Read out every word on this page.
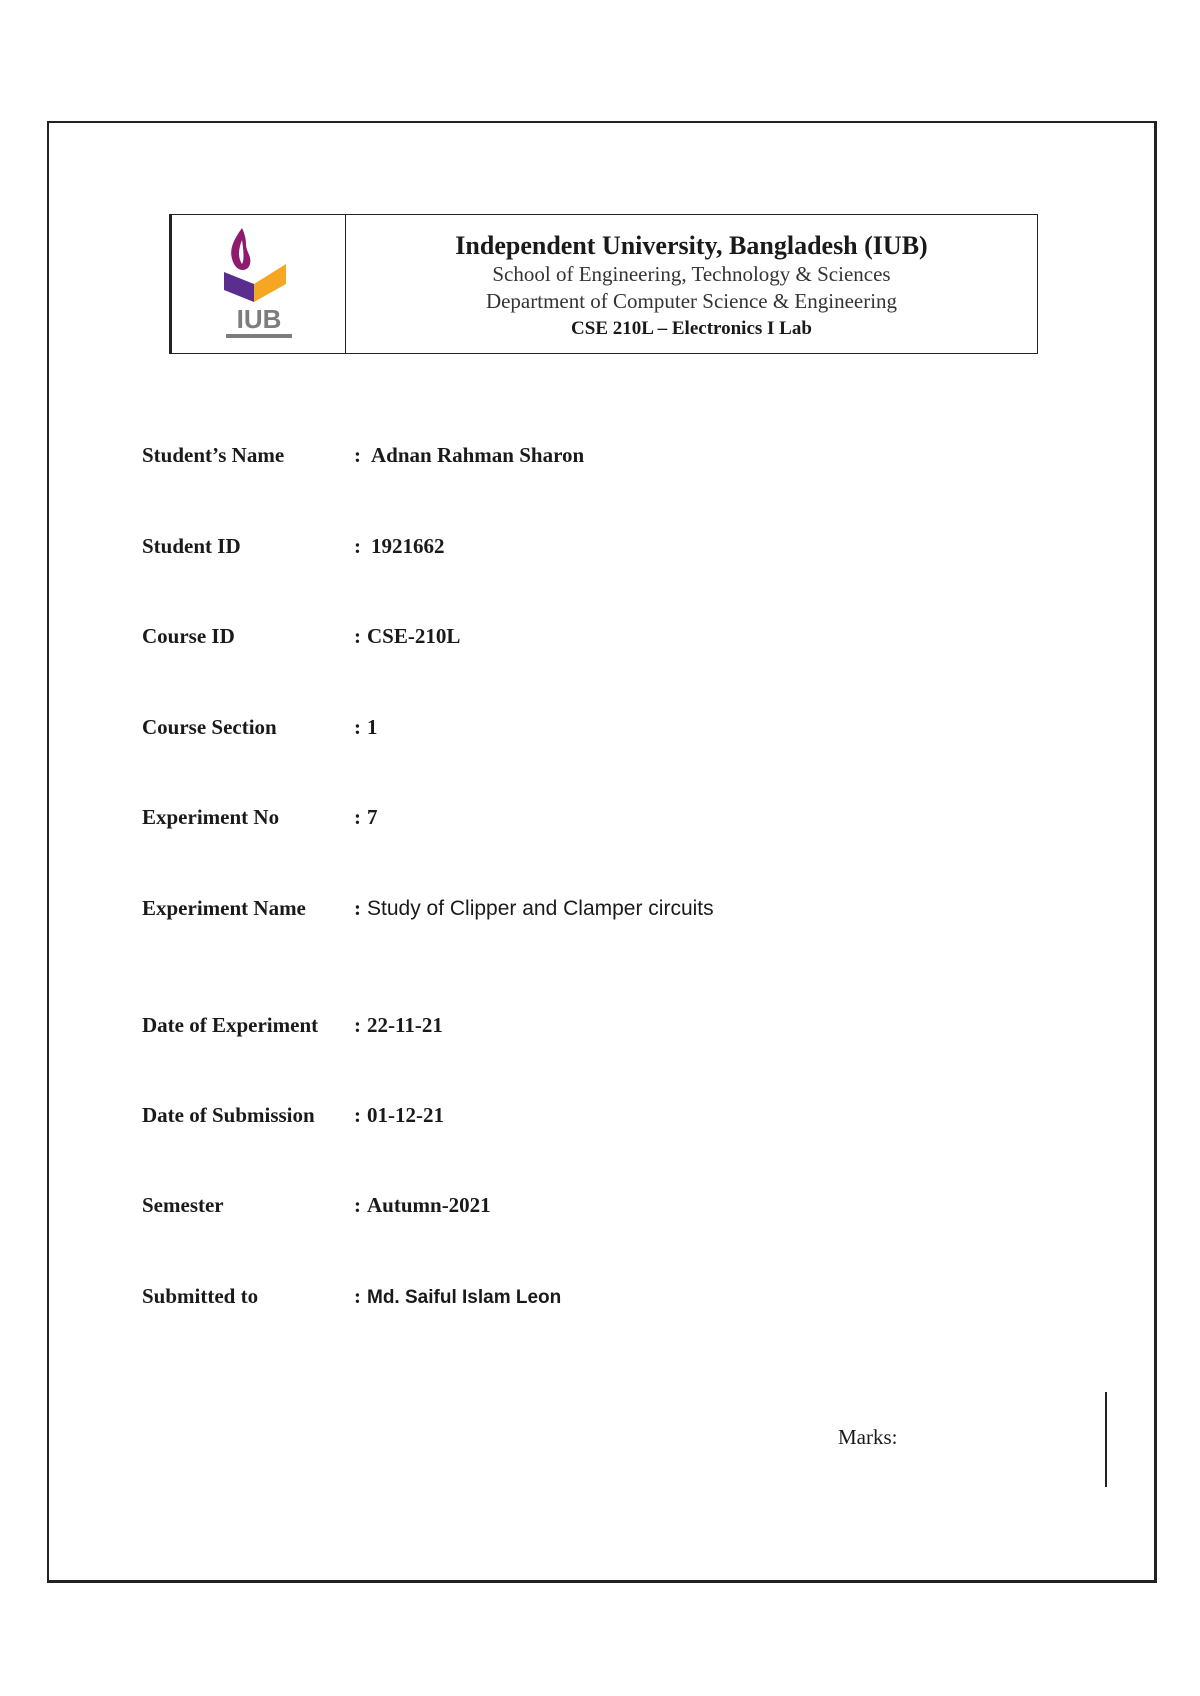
IUB
Independent University, Bangladesh (IUB)
School of Engineering, Technology & Sciences
Department of Computer Science & Engineering
CSE 210L – Electronics I Lab
Student’s Name	: Adnan Rahman Sharon
Student ID	: 1921662
Course ID	: CSE-210L
Course Section	: 1
Experiment No	: 7
Experiment Name	: Study of Clipper and Clamper circuits
Date of Experiment	: 22-11-21
Date of Submission	: 01-12-21
Semester	: Autumn-2021
Submitted to	: Md. Saiful Islam Leon
Marks:
